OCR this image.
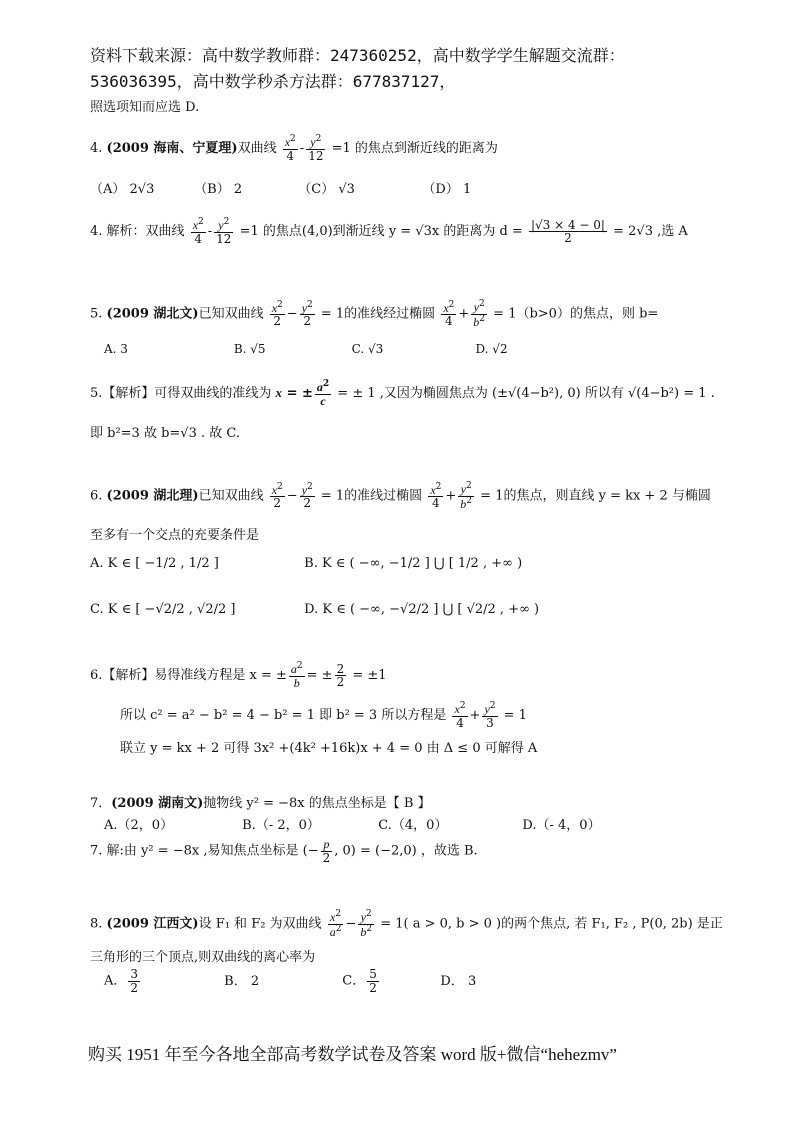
资料下载来源：高中数学教师群：247360252，高中数学学生解题交流群：
536036395，高中数学秒杀方法群：677837127，
照选项知而应选 D.
4. (2009 海南、宁夏理)双曲线 $\frac{x^2}{4} - \frac{y^2}{12} =1$ 的焦点到渐近线的距离为
（A） 2√3	（B） 2	（C） √3	（D） 1
4. 解析：双曲线 $\frac{x^2}{4} - \frac{y^2}{12} =1$ 的焦点(4,0)到渐近线 y = √3x 的距离为 $d = \frac{|√3 \times 4 - 0|}{2} = 2√3$ ,选 A
5. (2009 湖北文)已知双曲线 $\frac{x^2}{2} - \frac{y^2}{2} = 1$的准线经过椭圆 $\frac{x^2}{4} + \frac{y^2}{b^2} = 1(b>0)$的焦点，则 b=
A. 3	B. √5	C. √3	D. √2
5.【解析】可得双曲线的准线为 x = ± $\frac{a^2}{c}$ = ± 1 ,又因为椭圆焦点为 (±√(4−b²), 0) 所以有 √(4−b²) = 1 .
即 b²=3 故 b=√3 . 故 C.
6. (2009 湖北理)已知双曲线 $\frac{x^2}{2} - \frac{y^2}{2} = 1$的准线过椭圆 $\frac{x^2}{4} + \frac{y^2}{b^2} = 1$的焦点，则直线 y = kx + 2 与椭圆
至多有一个交点的充要条件是
A. K ∈ [ −1/2 , 1/2 ]	B. K ∈ ( −∞, −1/2 ] ⋃ [ 1/2 , +∞ )
C. K ∈ [ −√2/2 , √2/2 ]	D. K ∈ ( −∞, −√2/2 ] ⋃ [ √2/2 , +∞ )
6.【解析】易得准线方程是 x = ± $\frac{a^2}{b}$ = ± $\frac{2}{2} = \pm 1$
所以 c² = a² − b² = 4 − b² = 1 即 b² = 3 所以方程是 $\frac{x^2}{4} + \frac{y^2}{3} = 1$
联立 y = kx + 2 可得 3x² +(4k² +16k)x + 4 = 0 由 Δ ≤ 0 可解得 A
7．(2009 湖南文)抛物线 y² = −8x 的焦点坐标是【 B 】
A.（2，0）	B.（- 2，0）	C.（4，0）	D.（- 4，0）
7. 解:由 y² = −8x ,易知焦点坐标是 (− $\frac{p}{2}$ , 0) = (−2,0) ，故选 B.
8. (2009 江西文)设 F₁ 和 F₂ 为双曲线 $\frac{x^2}{a^2} - \frac{y^2}{b^2} = 1$( a > 0, b > 0 )的两个焦点, 若 F₁, F₂ , P(0, 2b) 是正
三角形的三个顶点,则双曲线的离心率为
A． $\frac{3}{2}$	B． 2	C． $\frac{5}{2}$	D． 3
购买 1951 年至今各地全部高考数学试卷及答案 word 版+微信“hehezmv”
